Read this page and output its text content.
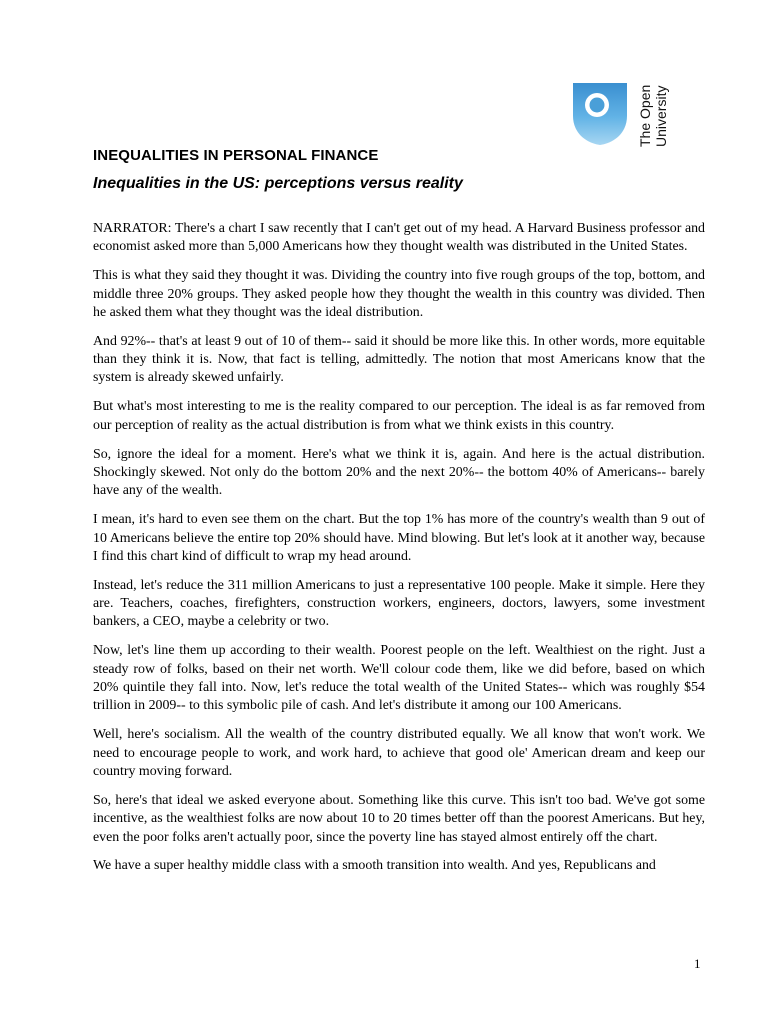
The Open University
INEQUALITIES IN PERSONAL FINANCE
Inequalities in the US: perceptions versus reality

NARRATOR: There's a chart I saw recently that I can't get out of my head. A Harvard Business professor and economist asked more than 5,000 Americans how they thought wealth was distributed in the United States.

This is what they said they thought it was. Dividing the country into five rough groups of the top, bottom, and middle three 20% groups. They asked people how they thought the wealth in this country was divided. Then he asked them what they thought was the ideal distribution.

And 92%-- that's at least 9 out of 10 of them-- said it should be more like this. In other words, more equitable than they think it is. Now, that fact is telling, admittedly. The notion that most Americans know that the system is already skewed unfairly.

But what's most interesting to me is the reality compared to our perception. The ideal is as far removed from our perception of reality as the actual distribution is from what we think exists in this country.

So, ignore the ideal for a moment. Here's what we think it is, again. And here is the actual distribution. Shockingly skewed. Not only do the bottom 20% and the next 20%-- the bottom 40% of Americans-- barely have any of the wealth.

I mean, it's hard to even see them on the chart. But the top 1% has more of the country's wealth than 9 out of 10 Americans believe the entire top 20% should have. Mind blowing. But let's look at it another way, because I find this chart kind of difficult to wrap my head around.

Instead, let's reduce the 311 million Americans to just a representative 100 people. Make it simple. Here they are. Teachers, coaches, firefighters, construction workers, engineers, doctors, lawyers, some investment bankers, a CEO, maybe a celebrity or two.

Now, let's line them up according to their wealth. Poorest people on the left. Wealthiest on the right. Just a steady row of folks, based on their net worth. We'll colour code them, like we did before, based on which 20% quintile they fall into. Now, let's reduce the total wealth of the United States-- which was roughly $54 trillion in 2009-- to this symbolic pile of cash. And let's distribute it among our 100 Americans.

Well, here's socialism. All the wealth of the country distributed equally. We all know that won't work. We need to encourage people to work, and work hard, to achieve that good ole' American dream and keep our country moving forward.

So, here's that ideal we asked everyone about. Something like this curve. This isn't too bad. We've got some incentive, as the wealthiest folks are now about 10 to 20 times better off than the poorest Americans. But hey, even the poor folks aren't actually poor, since the poverty line has stayed almost entirely off the chart.

We have a super healthy middle class with a smooth transition into wealth. And yes, Republicans and

1
